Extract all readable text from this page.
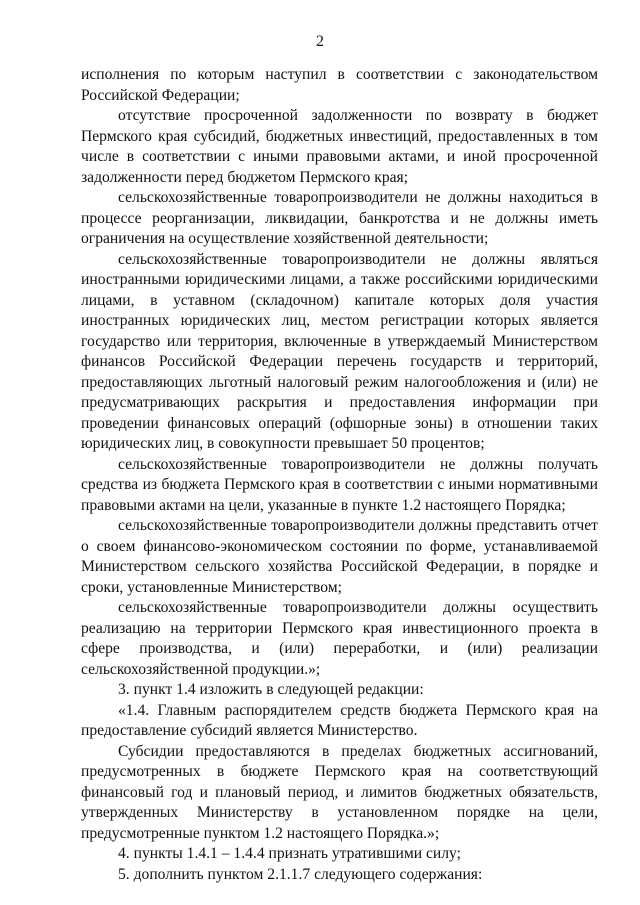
2

исполнения по которым наступил в соответствии с законодательством Российской Федерации;

отсутствие просроченной задолженности по возврату в бюджет Пермского края субсидий, бюджетных инвестиций, предоставленных в том числе в соответствии с иными правовыми актами, и иной просроченной задолженности перед бюджетом Пермского края;

сельскохозяйственные товаропроизводители не должны находиться в процессе реорганизации, ликвидации, банкротства и не должны иметь ограничения на осуществление хозяйственной деятельности;

сельскохозяйственные товаропроизводители не должны являться иностранными юридическими лицами, а также российскими юридическими лицами, в уставном (складочном) капитале которых доля участия иностранных юридических лиц, местом регистрации которых является государство или территория, включенные в утверждаемый Министерством финансов Российской Федерации перечень государств и территорий, предоставляющих льготный налоговый режим налогообложения и (или) не предусматривающих раскрытия и предоставления информации при проведении финансовых операций (офшорные зоны) в отношении таких юридических лиц, в совокупности превышает 50 процентов;

сельскохозяйственные товаропроизводители не должны получать средства из бюджета Пермского края в соответствии с иными нормативными правовыми актами на цели, указанные в пункте 1.2 настоящего Порядка;

сельскохозяйственные товаропроизводители должны представить отчет о своем финансово-экономическом состоянии по форме, устанавливаемой Министерством сельского хозяйства Российской Федерации, в порядке и сроки, установленные Министерством;

сельскохозяйственные товаропроизводители должны осуществить реализацию на территории Пермского края инвестиционного проекта в сфере производства, и (или) переработки, и (или) реализации сельскохозяйственной продукции.»;

3. пункт 1.4 изложить в следующей редакции:

«1.4. Главным распорядителем средств бюджета Пермского края на предоставление субсидий является Министерство.

Субсидии предоставляются в пределах бюджетных ассигнований, предусмотренных в бюджете Пермского края на соответствующий финансовый год и плановый период, и лимитов бюджетных обязательств, утвержденных Министерству в установленном порядке на цели, предусмотренные пунктом 1.2 настоящего Порядка.»;

4. пункты 1.4.1 – 1.4.4 признать утратившими силу;

5. дополнить пунктом 2.1.1.7 следующего содержания:
